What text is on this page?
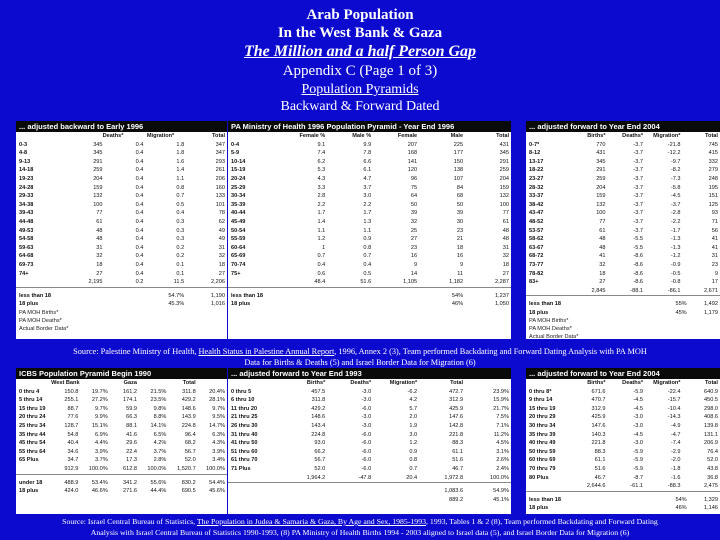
Arab Population
In the West Bank & Gaza
The Million and a half Person Gap
Appendix C (Page 1 of 3)
Population Pyramids
Backward & Forward Dated
... adjusted backward to Early 1996
Deaths*	Migration*	Total
0-3	345	0.4	1.8	347
4-8	345	0.4	1.8	347
9-13	291	0.4	1.6	293
14-18	259	0.4	1.4	261
19-23	204	0.4	1.1	206
24-28	159	0.4	0.8	160
29-33	132	0.4	0.7	133
34-38	100	0.4	0.5	101
39-43	77	0.4	0.4	78
44-48	61	0.4	0.3	62
49-53	48	0.4	0.3	49
54-58	48	0.4	0.3	49
59-63	31	0.4	0.2	31
64-68	32	0.4	0.2	32
69-73	18	0.4	0.1	18
74+	27	0.4	0.1	27
2,195	0.2	11.5	2,206
less than 18	54.7%	1,190
18 plus	45.3%	1,016
PA MOH Births*
PA MOH Deaths*
Actual Border Data*
PA Ministry of Health 1996 Population Pyramid - Year End 1996
Female %	Male %	Female	Male	Total
0-4	9.1	9.9	207	225	431
5-9	7.4	7.8	168	177	345
10-14	6.2	6.6	141	150	291
15-19	5.3	6.1	120	138	259
20-24	4.3	4.7	96	107	204
25-29	3.3	3.7	75	84	159
30-34	2.8	3.0	64	68	132
35-39	2.2	2.2	50	50	100
40-44	1.7	1.7	39	39	77
45-49	1.4	1.3	32	30	61
50-54	1.1	1.1	25	23	48
55-59	1.2	0.9	27	21	48
60-64	1	0.8	23	18	31
65-69	0.7	0.7	16	16	32
70-74	0.4	0.4	9	9	18
75+	0.6	0.5	14	11	27
48.4	51.6	1,105	1,182	2,287
less than 18	54%	1,237
18 plus	46%	1,050
... adjusted forward to Year End 2004
Births*	Deaths*	Migration*	Total
0-7*	770	-3.7	-21.8	745
8-12	431	-3.7	-12.2	415
13-17	345	-3.7	-9.7	332
18-22	291	-3.7	-8.2	279
23-27	259	-3.7	-7.3	248
28-32	204	-3.7	-5.8	195
33-37	159	-3.7	-4.5	151
38-42	132	-3.7	-3.7	125
43-47	100	-3.7	-2.8	93
48-52	77	-3.7	-2.2	71
53-57	61	-3.7	-1.7	56
58-62	48	-5.5	-1.3	41
63-67	48	-5.5	-1.3	41
68-72	41	-8.6	-1.2	31
73-77	32	-8.6	-0.9	23
78-82	18	-8.6	-0.5	9
83+	27	-8.6	-0.8	17
2,845	-88.1	-86.1	2,671
less than 18	55%	1,492
18 plus	45%	1,179
PA MOH Births*
PA MOH Deaths*
Actual Border Data*
Source: Palestine Ministry of Health, Health Status in Palestine Annual Report, 1996, Annex 2 (3), Team performed Backdating and Forward Dating Analysis with PA MOH
Data for Births & Deaths (5) and Israel Border Data for Migration (6)
ICBS Population Pyramid Begin 1990
West Bank	Gaza	Total
0 thru 4	150.8	19.7%	161.2	21.5%	311.8	20.4%
5 thru 14	255.1	27.2%	174.1	23.5%	429.2	28.1%
15 thru 19	88.7	9.7%	59.9	9.8%	148.6	9.7%
20 thru 24	77.6	9.9%	66.3	8.8%	143.9	9.5%
25 thru 34	128.7	15.1%	88.1	14.1%	224.8	14.7%
35 thru 44	54.8	6.9%	41.6	6.5%	96.4	6.3%
45 thru 54	40.4	4.4%	29.6	4.2%	68.2	4.3%
55 thru 64	34.6	3.9%	22.4	3.7%	56.7	3.9%
65 Plus	34.7	3.7%	17.3	2.8%	52.0	3.4%
912.9	100.0%	612.8	100.0%	1,520.7	100.0%
under 18	488.9	53.4%	341.2	55.6%	830.2	54.4%
18 plus	424.0	46.6%	271.6	44.4%	690.5	45.6%
... adjusted forward to Year End 1993
Births*	Deaths*	Migration*	Total
0 thru 5	457.5	-3.0	-6.2	472.7	23.9%
6 thru 10	311.8	-3.0	4.2	312.9	15.9%
11 thru 20	429.2	-6.0	5.7	425.9	21.7%
21 thru 25	148.6	-3.0	2.0	147.6	7.5%
26 thru 30	143.4	-3.0	1.9	142.8	7.1%
31 thru 40	224.8	-6.0	3.0	221.8	11.2%
41 thru 50	93.0	-6.0	1.2	88.3	4.5%
51 thru 60	66.2	-6.0	0.9	61.1	3.1%
61 thru 70	56.7	-6.0	0.8	51.6	2.6%
71 Plus	52.0	-6.0	0.7	46.7	2.4%
1,964.2	-47.8	20.4	1,972.8	100.0%
1,083.6	54.9%
889.2	45.1%
... adjusted forward to Year End 2004
Births*	Deaths*	Migration*	Total
0 thru 8*	671.6	-5.9	-22.4	640.9
9 thru 14	470.7	-4.5	-15.7	450.5
15 thru 19	312.9	-4.5	-10.4	298.0
20 thru 29	425.9	-3.0	-14.3	408.6
30 thru 34	147.6	-3.0	-4.9	139.8
35 thru 39	140.3	-4.5	-4.7	131.1
40 thru 49	221.8	-3.0	-7.4	206.9
50 thru 59	88.3	-5.9	-2.9	76.4
60 thru 69	61.1	-5.9	-2.0	52.0
70 thru 79	51.6	-5.9	-1.8	43.8
80 Plus	46.7	-8.7	-1.6	36.8
2,644.6	-61.1	-88.3	2,475
less than 18	54%	1,329
18 plus	46%	1,146
Source: Israel Central Bureau of Statistics, The Population in Judea & Samaria & Gaza, By Age and Sex, 1985-1993, 1993, Tables 1 & 2 (8), Team performed Backdating and Forward Dating
Analysis with Israel Central Bureau of Statistics 1990-1993, (8) PA Ministry of Health Births 1994 - 2003 aligned to Israel data (5), and Israel Border Data for Migration (6)
